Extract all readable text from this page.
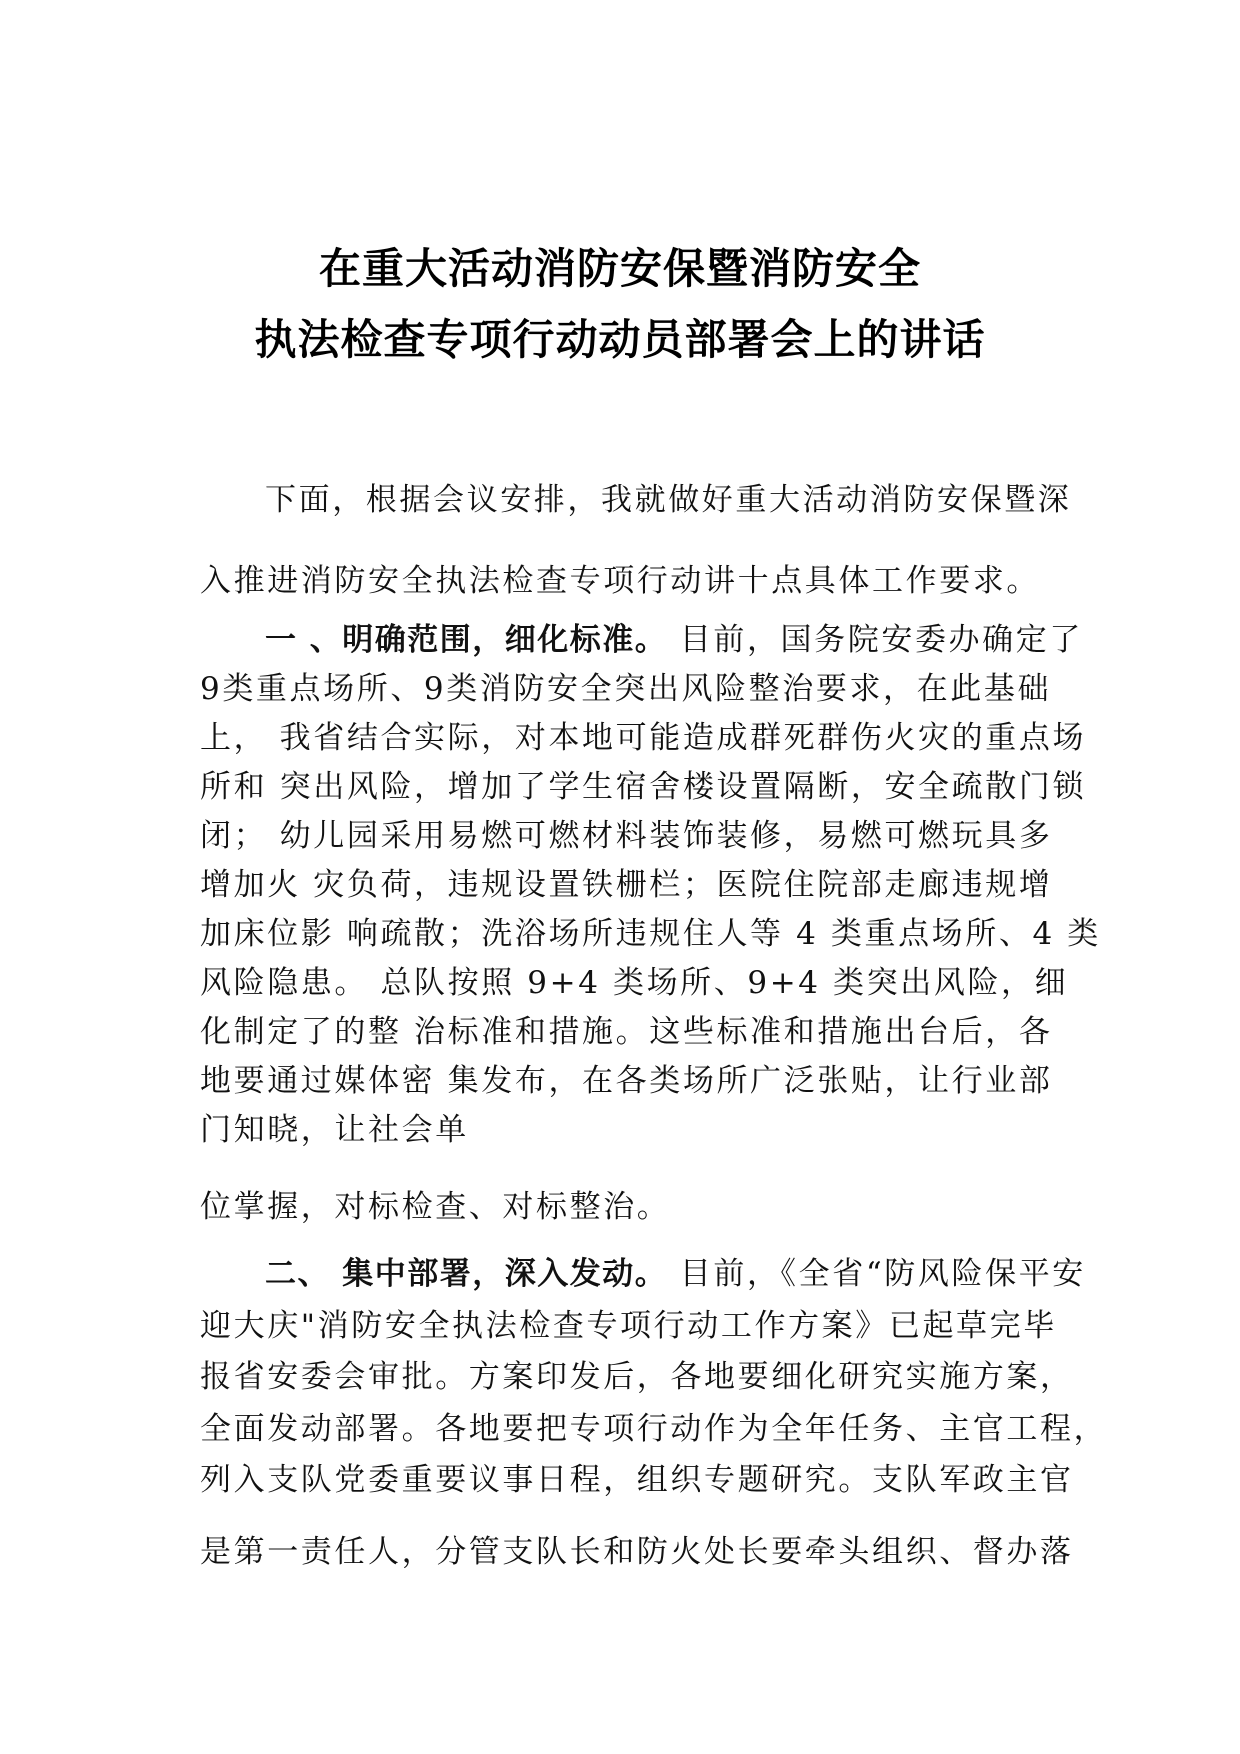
在重大活动消防安保暨消防安全
执法检查专项行动动员部署会上的讲话
下面，根据会议安排，我就做好重大活动消防安保暨深
入推进消防安全执法检查专项行动讲十点具体工作要求。
一 、明确范围，细化标准。 目前，国务院安委办确定了
9类重点场所、9类消防安全突出风险整治要求，在此基础
上， 我省结合实际，对本地可能造成群死群伤火灾的重点场
所和 突出风险，增加了学生宿舍楼设置隔断，安全疏散门锁
闭； 幼儿园采用易燃可燃材料装饰装修，易燃可燃玩具多
增加火 灾负荷，违规设置铁栅栏；医院住院部走廊违规增
加床位影 响疏散；洗浴场所违规住人等 4 类重点场所、4 类
风险隐患。 总队按照 9+4 类场所、9+4 类突出风险，细
化制定了的整 治标准和措施。这些标准和措施出台后，各
地要通过媒体密 集发布，在各类场所广泛张贴，让行业部
门知晓，让社会单
位掌握，对标检查、对标整治。
二、 集中部署，深入发动。 目前，《全省“防风险保平安
迎大庆"消防安全执法检查专项行动工作方案》已起草完毕
报省安委会审批。方案印发后，各地要细化研究实施方案，
全面发动部署。各地要把专项行动作为全年任务、主官工程，
列入支队党委重要议事日程，组织专题研究。支队军政主官
是第一责任人，分管支队长和防火处长要牵头组织、督办落
